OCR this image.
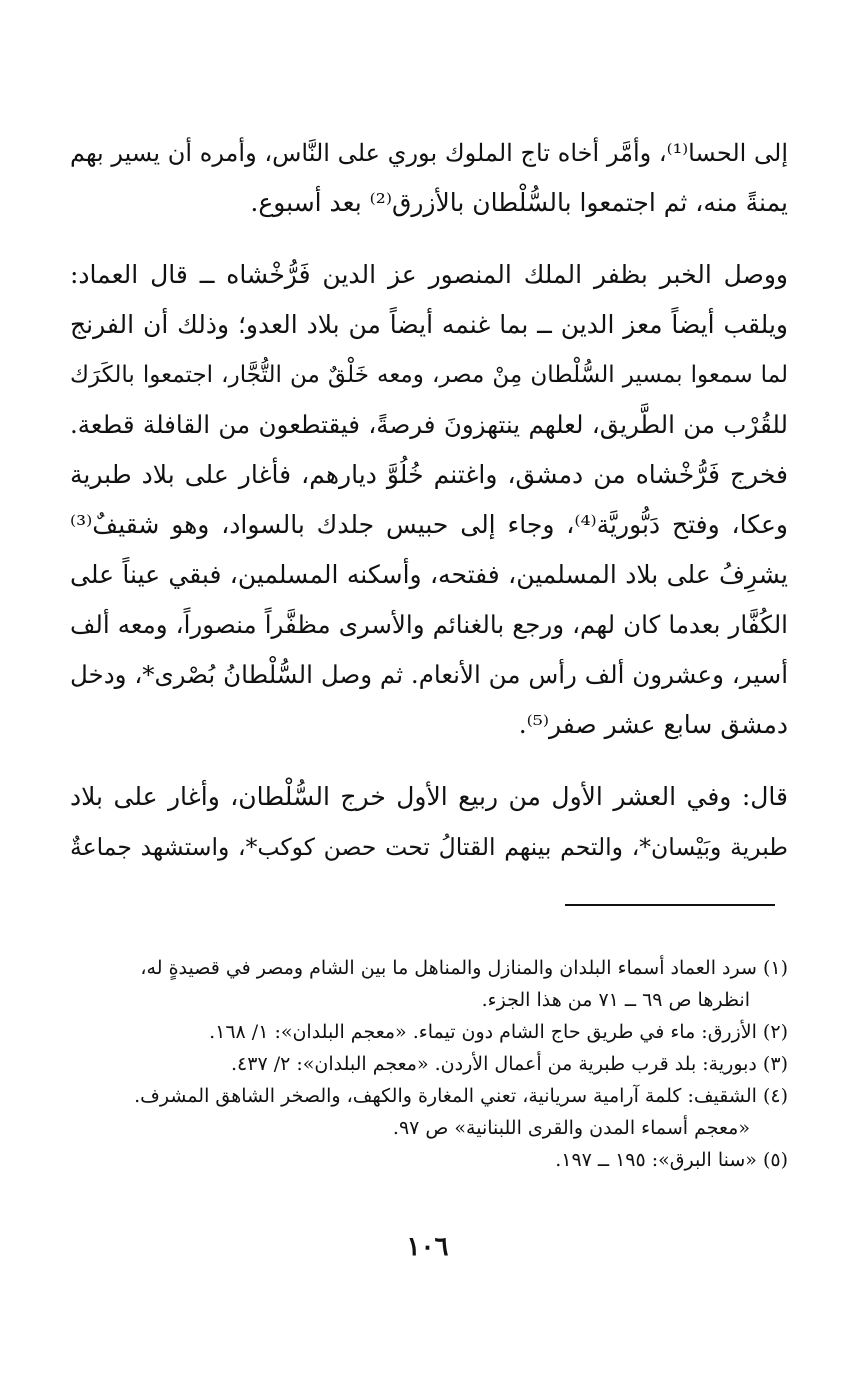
إلى الحسا⁽¹⁾، وأمَّر أخاه تاج الملوك بوري على النَّاس، وأمره أن يسير بهم
يمنةً منه، ثم اجتمعوا بالسُّلْطان بالأزرق⁽²⁾ بعد أسبوع.

ووصل الخبر بظفر الملك المنصور عز الدين فَرُّخْشاه ــ قال العماد:
ويلقب أيضاً معز الدين ــ بما غنمه أيضاً من بلاد العدو؛ وذلك أن الفرنج
لما سمعوا بمسير السُّلْطان مِنْ مصر، ومعه خَلْقٌ من التُّجَّار، اجتمعوا بالكَرَك
للقُرْب من الطَّريق، لعلهم ينتهزونَ فرصةً، فيقتطعون من القافلة قطعة.
فخرج فَرُّخْشاه من دمشق، واغتنم خُلُوَّ ديارهم، فأغار على بلاد طبرية
وعكا، وفتح دَبُّوريَّة⁽⁴⁾، وجاء إلى حبيس جلدك بالسواد، وهو شقيفٌ⁽³⁾
يشرِفُ على بلاد المسلمين، ففتحه، وأسكنه المسلمين، فبقي عيناً على
الكُفَّار بعدما كان لهم، ورجع بالغنائم والأسرى مظفَّراً منصوراً، ومعه ألف
أسير، وعشرون ألف رأس من الأنعام. ثم وصل السُّلْطانُ بُصْرى*، ودخل
دمشق سابع عشر صفر⁽⁵⁾.

قال: وفي العشر الأول من ربيع الأول خرج السُّلْطان، وأغار على بلاد
طبرية وبَيْسان*، والتحم بينهم القتالُ تحت حصن كوكب*، واستشهد جماعةٌ

(١) سرد العماد أسماء البلدان والمنازل والمناهل ما بين الشام ومصر في قصيدةٍ له،
انظرها ص ٦٩ ــ ٧١ من هذا الجزء.
(٢) الأزرق: ماء في طريق حاج الشام دون تيماء. «معجم البلدان»: ١/ ١٦٨.
(٣) دبورية: بلد قرب طبرية من أعمال الأردن. «معجم البلدان»: ٢/ ٤٣٧.
(٤) الشقيف: كلمة آرامية سريانية، تعني المغارة والكهف، والصخر الشاهق المشرف.
«معجم أسماء المدن والقرى اللبنانية» ص ٩٧.
(٥) «سنا البرق»: ١٩٥ ــ ١٩٧.
١٠٦
